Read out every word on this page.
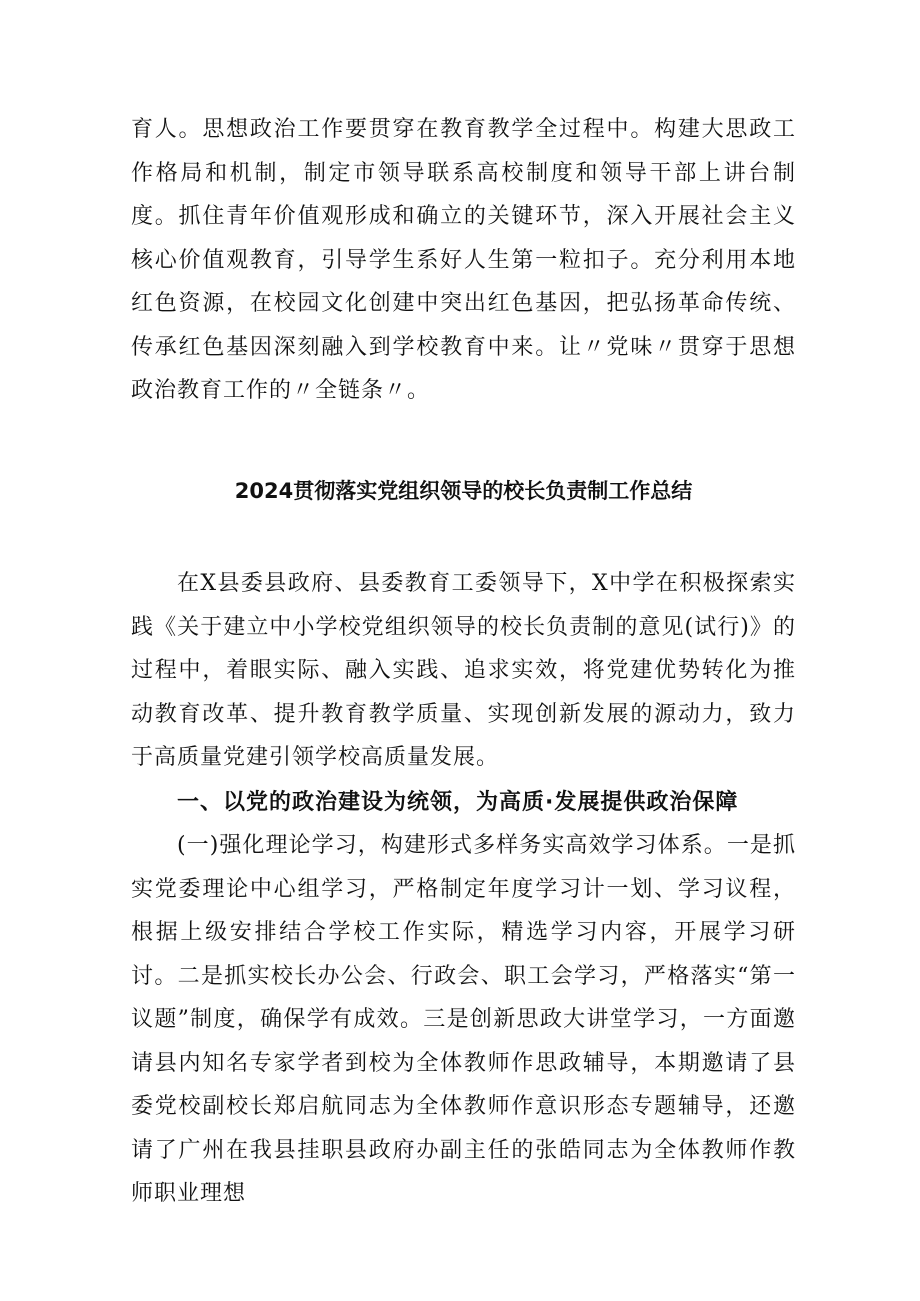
育人。思想政治工作要贯穿在教育教学全过程中。构建大思政工作格局和机制，制定市领导联系高校制度和领导干部上讲台制度。抓住青年价值观形成和确立的关键环节，深入开展社会主义核心价值观教育，引导学生系好人生第一粒扣子。充分利用本地红色资源，在校园文化创建中突出红色基因，把弘扬革命传统、传承红色基因深刻融入到学校教育中来。让〃党味〃贯穿于思想政治教育工作的〃全链条〃。

2024贯彻落实党组织领导的校长负责制工作总结

在X县委县政府、县委教育工委领导下，X中学在积极探索实践《关于建立中小学校党组织领导的校长负责制的意见(试行)》的过程中，着眼实际、融入实践、追求实效，将党建优势转化为推动教育改革、提升教育教学质量、实现创新发展的源动力，致力于高质量党建引领学校高质量发展。

一、以党的政治建设为统领，为高质·发展提供政治保障

(一)强化理论学习，构建形式多样务实高效学习体系。一是抓实党委理论中心组学习，严格制定年度学习计一划、学习议程，根据上级安排结合学校工作实际，精选学习内容，开展学习研讨。二是抓实校长办公会、行政会、职工会学习，严格落实“第一议题”制度，确保学有成效。三是创新思政大讲堂学习，一方面邀请县内知名专家学者到校为全体教师作思政辅导，本期邀请了县委党校副校长郑启航同志为全体教师作意识形态专题辅导，还邀请了广州在我县挂职县政府办副主任的张皓同志为全体教师作教师职业理想
